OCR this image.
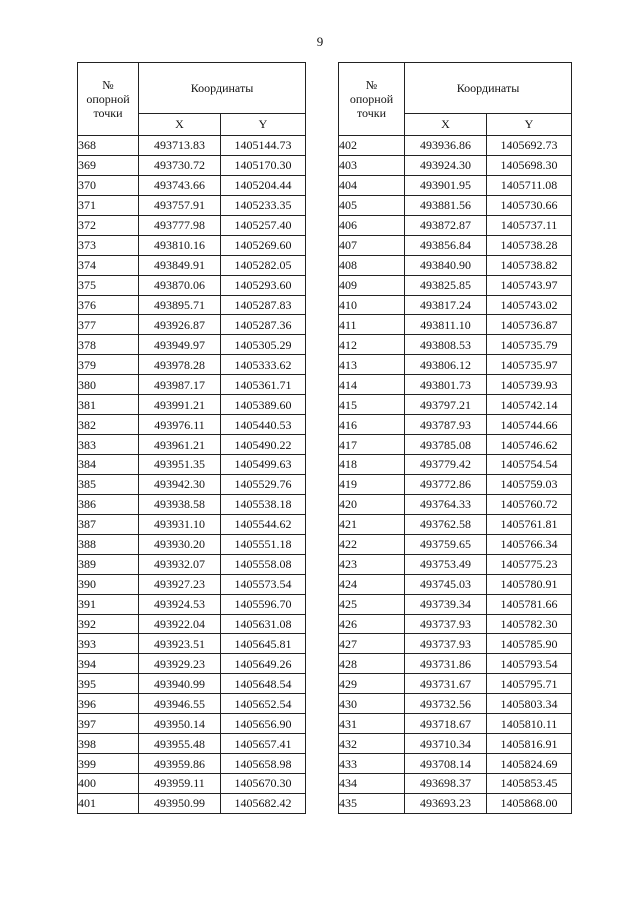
9
№
опорной
точки	Координаты	
	X	Y
368	493713.83	1405144.73
369	493730.72	1405170.30
370	493743.66	1405204.44
371	493757.91	1405233.35
372	493777.98	1405257.40
373	493810.16	1405269.60
374	493849.91	1405282.05
375	493870.06	1405293.60
376	493895.71	1405287.83
377	493926.87	1405287.36
378	493949.97	1405305.29
379	493978.28	1405333.62
380	493987.17	1405361.71
381	493991.21	1405389.60
382	493976.11	1405440.53
383	493961.21	1405490.22
384	493951.35	1405499.63
385	493942.30	1405529.76
386	493938.58	1405538.18
387	493931.10	1405544.62
388	493930.20	1405551.18
389	493932.07	1405558.08
390	493927.23	1405573.54
391	493924.53	1405596.70
392	493922.04	1405631.08
393	493923.51	1405645.81
394	493929.23	1405649.26
395	493940.99	1405648.54
396	493946.55	1405652.54
397	493950.14	1405656.90
398	493955.48	1405657.41
399	493959.86	1405658.98
400	493959.11	1405670.30
401	493950.99	1405682.42
№
опорной
точки	Координаты	
	X	Y
402	493936.86	1405692.73
403	493924.30	1405698.30
404	493901.95	1405711.08
405	493881.56	1405730.66
406	493872.87	1405737.11
407	493856.84	1405738.28
408	493840.90	1405738.82
409	493825.85	1405743.97
410	493817.24	1405743.02
411	493811.10	1405736.87
412	493808.53	1405735.79
413	493806.12	1405735.97
414	493801.73	1405739.93
415	493797.21	1405742.14
416	493787.93	1405744.66
417	493785.08	1405746.62
418	493779.42	1405754.54
419	493772.86	1405759.03
420	493764.33	1405760.72
421	493762.58	1405761.81
422	493759.65	1405766.34
423	493753.49	1405775.23
424	493745.03	1405780.91
425	493739.34	1405781.66
426	493737.93	1405782.30
427	493737.93	1405785.90
428	493731.86	1405793.54
429	493731.67	1405795.71
430	493732.56	1405803.34
431	493718.67	1405810.11
432	493710.34	1405816.91
433	493708.14	1405824.69
434	493698.37	1405853.45
435	493693.23	1405868.00
